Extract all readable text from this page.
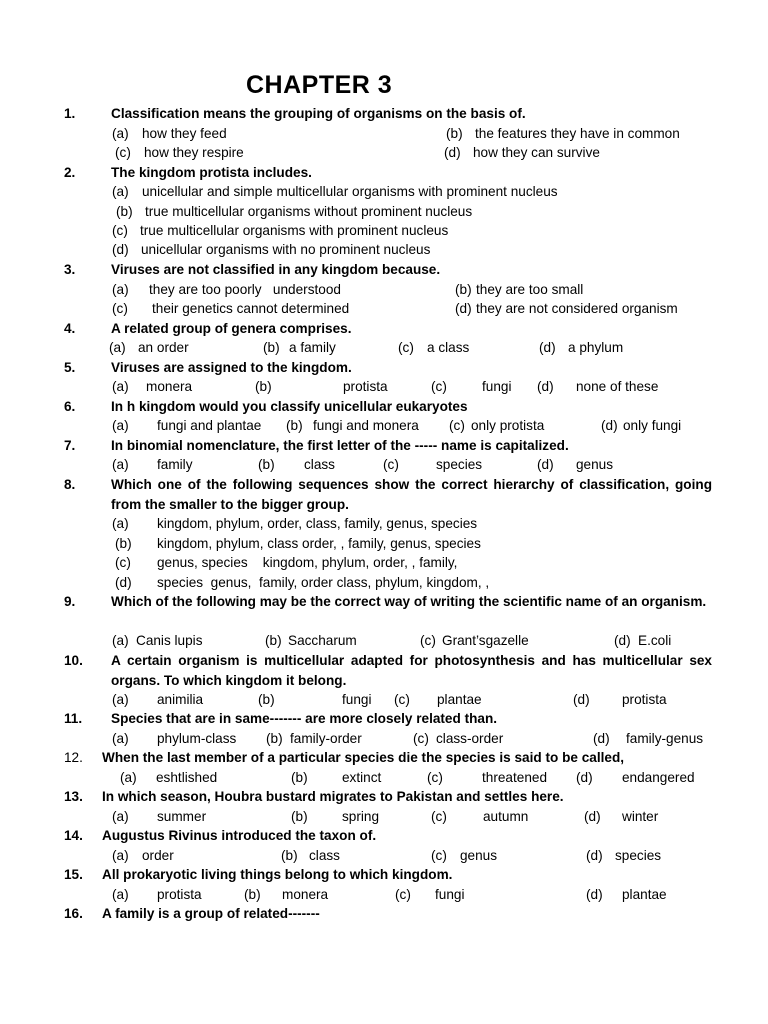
CHAPTER 3
1.	Classification means the grouping of organisms on the basis of.
(a) how they feed	(b) the features they have in common
(c) how they respire	(d) how they can survive
2.	The kingdom protista includes.
(a) unicellular and simple multicellular organisms with prominent nucleus
(b) true multicellular organisms without prominent nucleus
(c) true multicellular organisms with prominent nucleus
(d) unicellular organisms with no prominent nucleus
3.	Viruses are not classified in any kingdom because.
(a) they are too poorly   understood	(b) they are too small
(c) their genetics cannot determined	(d) they are not considered organism
4.	A related group of genera comprises.
(a) an order	(b) a family	(c) a class	(d) a phylum
5.	Viruses are assigned to the kingdom.
(a) monera	(b)	protista	(c)	fungi (d) none of these
6.	In h kingdom would you classify unicellular eukaryotes
(a) fungi and plantae (b) fungi and monera (c) only protista	(d) only fungi
7.	In binomial nomenclature, the first letter of the ----- name is capitalized.
(a) family	(b) class	(c)	species	(d) genus
8.	Which one of the following sequences show the correct hierarchy of classification, going from the smaller to the bigger group.
(a) kingdom, phylum, order, class, family, genus, species
(b) kingdom, phylum, class order, , family, genus, species
(c) genus, species    kingdom, phylum, order, , family,
(d) species  genus,  family, order class, phylum, kingdom, ,
9.	Which of the following may be the correct way of writing the scientific name of an organism.
(a) Canis lupis	(b) Saccharum	(c) Grant’sgazelle	(d) E.coli
10. A certain organism is multicellular adapted for photosynthesis and has multicellular sex organs. To which kingdom it belong.
(a) animilia	(b)	fungi (c) plantae	(d) protista
11. Species that are in same------- are more closely related than.
(a) phylum-class (b) family-order	(c) class-order	(d) family-genus
12. When the last member of a particular species die the species is said to be called,
(a) eshtlished	(b)	extinct	(c)	threatened (d) endangered
13. In which season, Houbra bustard migrates to Pakistan and settles here.
(a) summer	(b)	spring	(c)	autumn	(d) winter
14. Augustus Rivinus introduced the taxon of.
(a) order	(b) class	(c) genus	(d) species
15. All prokaryotic living things belong to which kingdom.
(a) protista	(b) monera	(c) fungi	(d) plantae
16. A family is a group of related-------
